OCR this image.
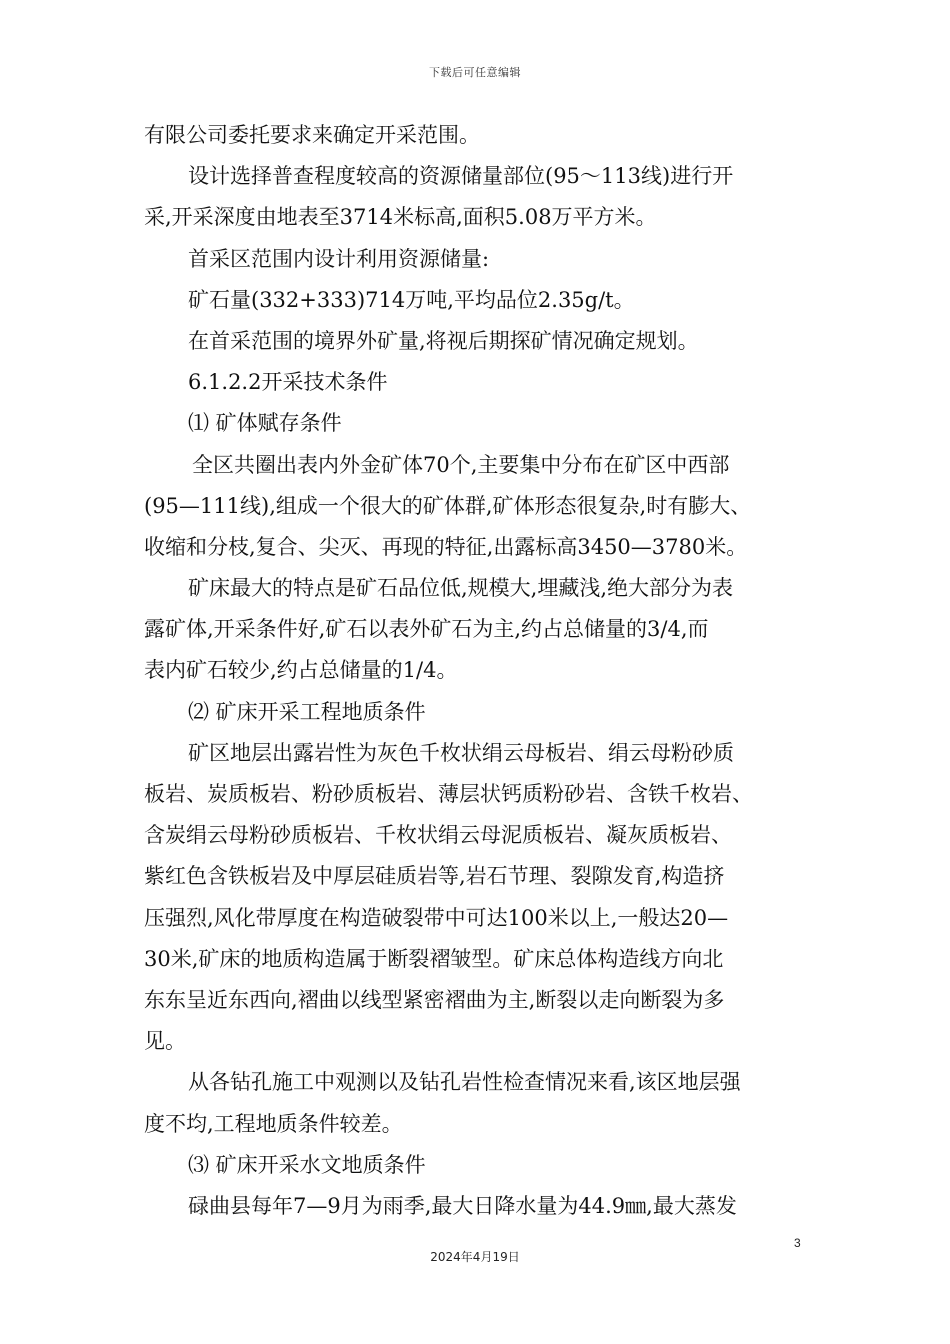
下载后可任意编辑
有限公司委托要求来确定开采范围。
设计选择普查程度较高的资源储量部位(95～113线)进行开
采,开采深度由地表至3714米标高,面积5.08万平方米。
首采区范围内设计利用资源储量:
矿石量(332+333)714万吨,平均品位2.35g/t。
在首采范围的境界外矿量,将视后期探矿情况确定规划。
6.1.2.2开采技术条件
⑴ 矿体赋存条件
全区共圈出表内外金矿体70个,主要集中分布在矿区中西部
(95—111线),组成一个很大的矿体群,矿体形态很复杂,时有膨大、
收缩和分枝,复合、尖灭、再现的特征,出露标高3450—3780米。
矿床最大的特点是矿石品位低,规模大,埋藏浅,绝大部分为表
露矿体,开采条件好,矿石以表外矿石为主,约占总储量的3/4,而
表内矿石较少,约占总储量的1/4。
⑵ 矿床开采工程地质条件
矿区地层出露岩性为灰色千枚状绢云母板岩、绢云母粉砂质
板岩、炭质板岩、粉砂质板岩、薄层状钙质粉砂岩、含铁千枚岩、
含炭绢云母粉砂质板岩、千枚状绢云母泥质板岩、凝灰质板岩、
紫红色含铁板岩及中厚层硅质岩等,岩石节理、裂隙发育,构造挤
压强烈,风化带厚度在构造破裂带中可达100米以上,一般达20—
30米,矿床的地质构造属于断裂褶皱型。矿床总体构造线方向北
东东呈近东西向,褶曲以线型紧密褶曲为主,断裂以走向断裂为多
见。
从各钻孔施工中观测以及钻孔岩性检查情况来看,该区地层强
度不均,工程地质条件较差。
⑶ 矿床开采水文地质条件
碌曲县每年7—9月为雨季,最大日降水量为44.9㎜,最大蒸发
3
2024年4月19日
